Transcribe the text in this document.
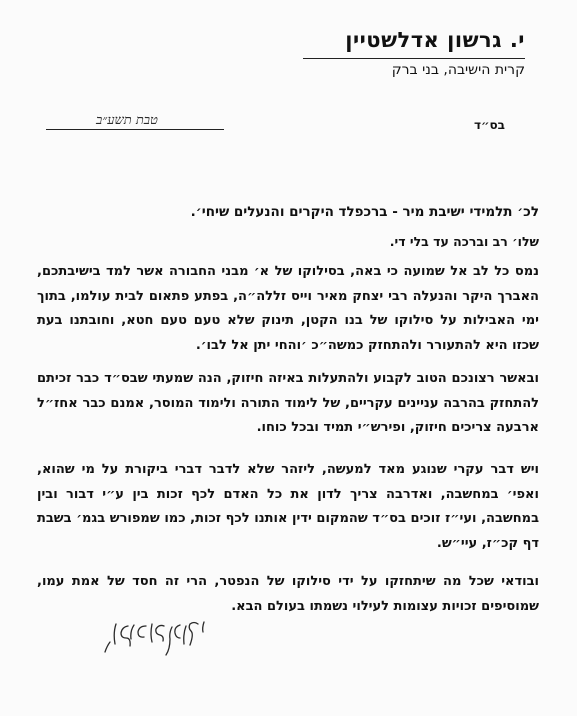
י. גרשון אדלשטיין
קרית הישיבה, בני ברק
בס״ד
טבת תשע״ב
לכ׳ תלמידי ישיבת מיר - ברכפלד היקרים והנעלים שיחי׳.
שלו׳ רב וברכה עד בלי די.
נמס כל לב אל שמועה כי באה, בסילוקו של א׳ מבני החבורה אשר למד בישיבתכם, האברך היקר והנעלה רבי יצחק מאיר וייס זללה״ה, בפתע פתאום לבית עולמו, בתוך ימי האבילות על סילוקו של בנו הקטן, תינוק שלא טעם טעם חטא, וחובתנו בעת שכזו היא להתעורר ולהתחזק כמשה״כ ׳והחי יתן אל לבו׳.
ובאשר רצונכם הטוב לקבוע ולהתעלות באיזה חיזוק, הנה שמעתי שבס״ד כבר זכיתם להתחזק בהרבה עניינים עקריים, של לימוד התורה ולימוד המוסר, אמנם כבר אחז״ל ארבעה צריכים חיזוק, ופירש״י תמיד ובכל כוחו.
ויש דבר עקרי שנוגע מאד למעשה, ליזהר שלא לדבר דברי ביקורת על מי שהוא, ואפי׳ במחשבה, ואדרבה צריך לדון את כל האדם לכף זכות בין ע״י דבור ובין במחשבה, ועי״ז זוכים בס״ד שהמקום ידין אותנו לכף זכות, כמו שמפורש בגמ׳ בשבת דף קכ״ז, עיי״ש.
ובודאי שכל מה שיתחזקו על ידי סילוקו של הנפטר, הרי זה חסד של אמת עמו, שמוסיפים זכויות עצומות לעילוי נשמתו בעולם הבא.
